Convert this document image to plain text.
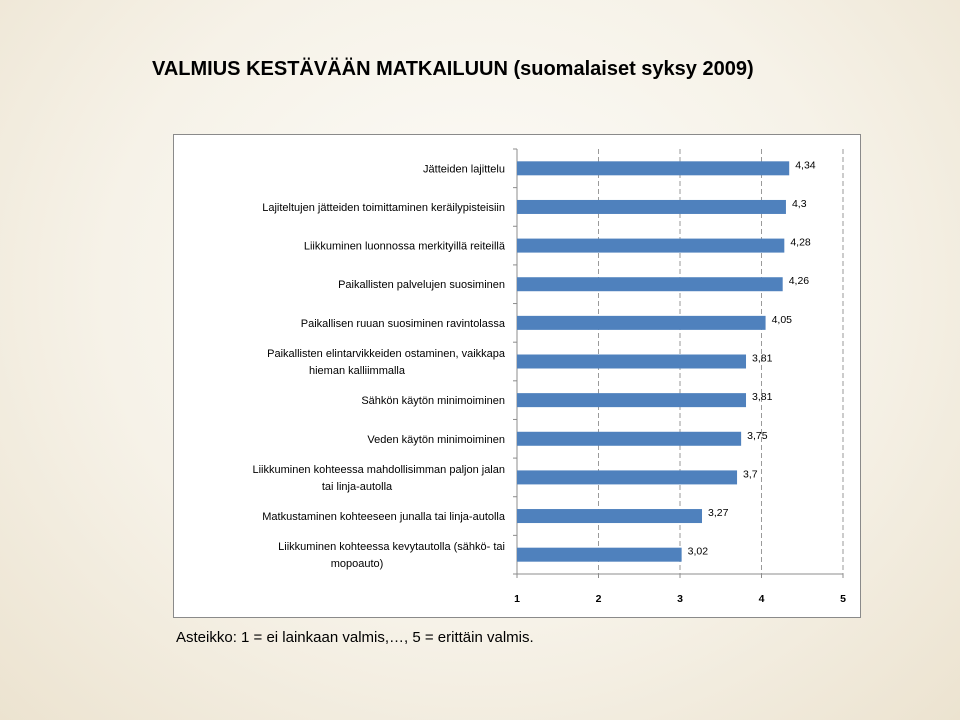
VALMIUS KESTÄVÄÄN MATKAILUUN (suomalaiset syksy 2009)
1	2	3	4	5
4,34
Jätteiden lajittelu
4,3
Lajiteltujen jätteiden toimittaminen keräilypisteisiin
4,28
Liikkuminen luonnossa merkityillä reiteillä
4,26
Paikallisten palvelujen suosiminen
4,05
Paikallisen ruuan suosiminen ravintolassa
3,81
Paikallisten elintarvikkeiden ostaminen, vaikkapa hieman kalliimmalla
3,81
Sähkön käytön minimoiminen
3,75
Veden käytön minimoiminen
3,7
Liikkuminen kohteessa mahdollisimman paljon jalan tai linja-autolla
3,27
Matkustaminen kohteeseen junalla tai linja-autolla
3,02
Liikkuminen kohteessa kevytautolla (sähkö- tai mopoauto)
Asteikko: 1 = ei lainkaan valmis,…, 5 = erittäin valmis.
